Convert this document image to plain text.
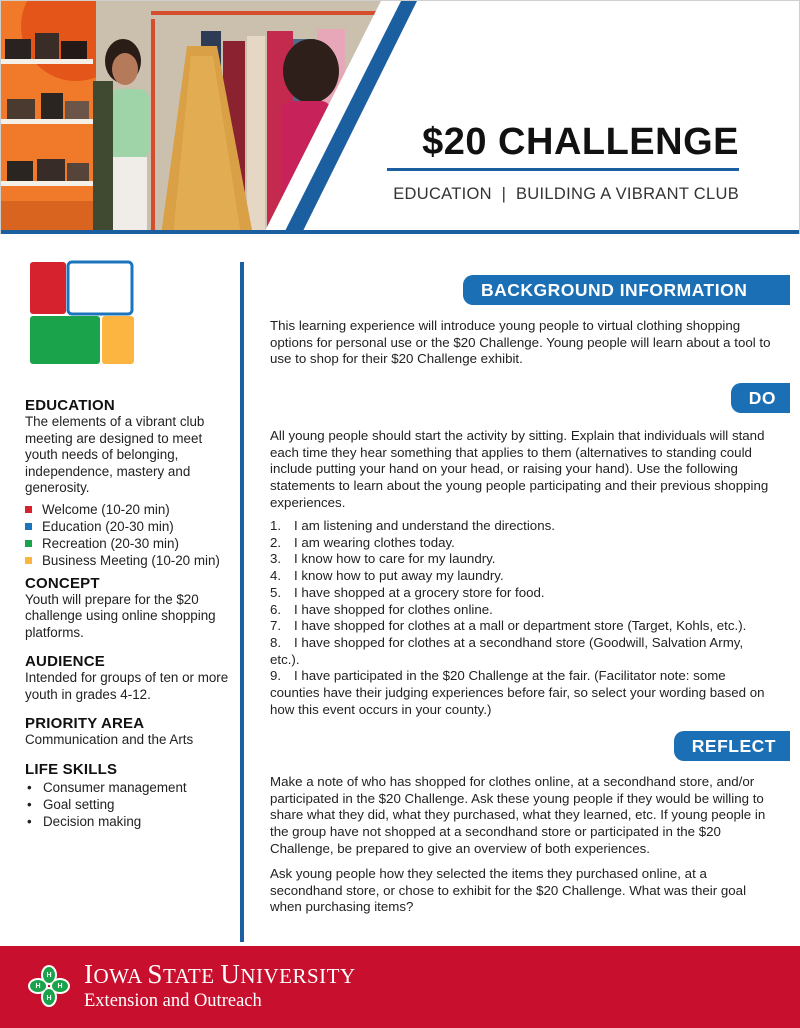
$20 CHALLENGE
EDUCATION  |  BUILDING A VIBRANT CLUB
EDUCATION
The elements of a vibrant club meeting are designed to meet youth needs of belonging, independence, mastery and generosity.
Welcome (10-20 min)
Education (20-30 min)
Recreation (20-30 min)
Business Meeting (10-20 min)
CONCEPT
Youth will prepare for the $20 challenge using online shopping platforms.
AUDIENCE
Intended for groups of ten or more youth in grades 4-12.
PRIORITY AREA
Communication and the Arts
LIFE SKILLS
• Consumer management
• Goal setting
• Decision making
BACKGROUND INFORMATION
This learning experience will introduce young people to virtual clothing shopping options for personal use or the $20 Challenge. Young people will learn about a tool to use to shop for their $20 Challenge exhibit.
DO
All young people should start the activity by sitting. Explain that individuals will stand each time they hear something that applies to them (alternatives to standing could include putting your hand on your head, or raising your hand). Use the following statements to learn about the young people participating and their previous shopping experiences.
1. I am listening and understand the directions.
2. I am wearing clothes today.
3. I know how to care for my laundry.
4. I know how to put away my laundry.
5. I have shopped at a grocery store for food.
6. I have shopped for clothes online.
7. I have shopped for clothes at a mall or department store (Target, Kohls, etc.).
8. I have shopped for clothes at a secondhand store (Goodwill, Salvation Army, etc.).
9. I have participated in the $20 Challenge at the fair. (Facilitator note: some counties have their judging experiences before fair, so select your wording based on how this event occurs in your county.)
REFLECT
Make a note of who has shopped for clothes online, at a secondhand store, and/or participated in the $20 Challenge. Ask these young people if they would be willing to share what they did, what they purchased, what they learned, etc. If young people in the group have not shopped at a secondhand store or participated in the $20 Challenge, be prepared to give an overview of both experiences.
Ask young people how they selected the items they purchased online, at a secondhand store, or chose to exhibit for the $20 Challenge. What was their goal when purchasing items?
H
H
H H IOWA STATE UNIVERSITY
Extension and Outreach
